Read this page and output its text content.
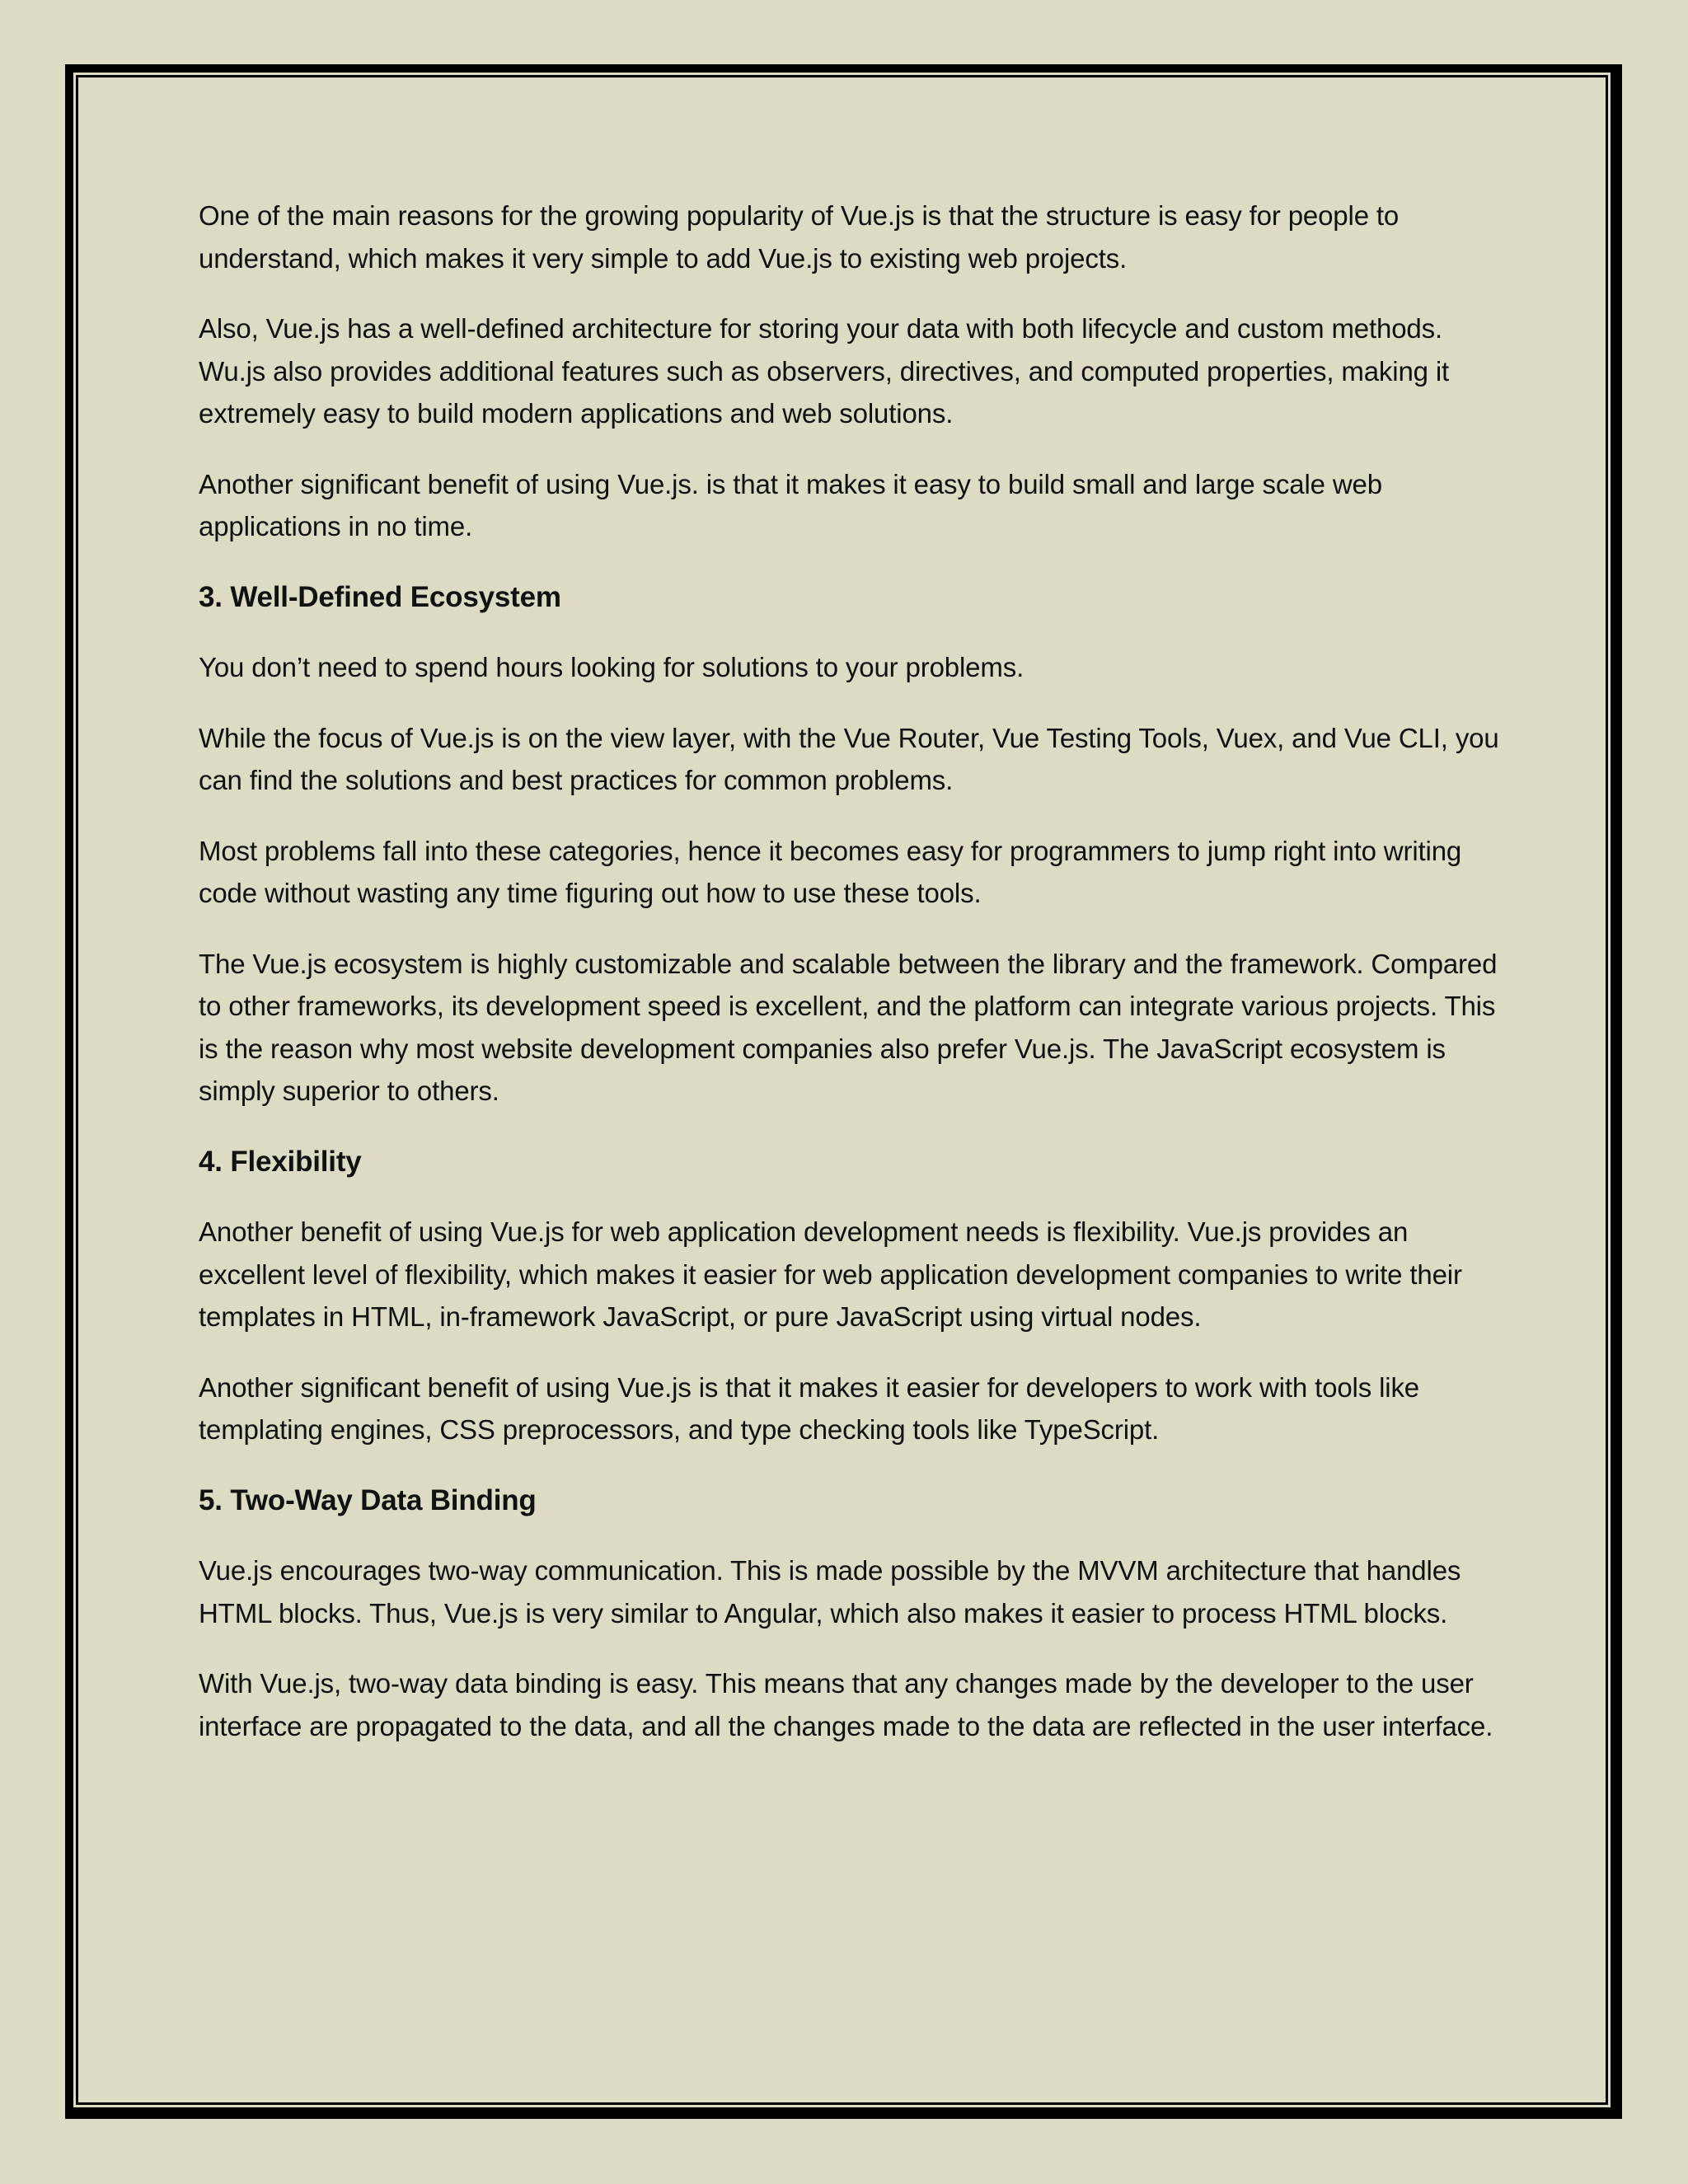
One of the main reasons for the growing popularity of Vue.js is that the structure is easy for people to understand, which makes it very simple to add Vue.js to existing web projects.

Also, Vue.js has a well-defined architecture for storing your data with both lifecycle and custom methods. Wu.js also provides additional features such as observers, directives, and computed properties, making it extremely easy to build modern applications and web solutions.

Another significant benefit of using Vue.js. is that it makes it easy to build small and large scale web applications in no time.

3. Well-Defined Ecosystem

You don’t need to spend hours looking for solutions to your problems.

While the focus of Vue.js is on the view layer, with the Vue Router, Vue Testing Tools, Vuex, and Vue CLI, you can find the solutions and best practices for common problems.

Most problems fall into these categories, hence it becomes easy for programmers to jump right into writing code without wasting any time figuring out how to use these tools.

The Vue.js ecosystem is highly customizable and scalable between the library and the framework. Compared to other frameworks, its development speed is excellent, and the platform can integrate various projects. This is the reason why most website development companies also prefer Vue.js. The JavaScript ecosystem is simply superior to others.

4. Flexibility

Another benefit of using Vue.js for web application development needs is flexibility. Vue.js provides an excellent level of flexibility, which makes it easier for web application development companies to write their templates in HTML, in-framework JavaScript, or pure JavaScript using virtual nodes.

Another significant benefit of using Vue.js is that it makes it easier for developers to work with tools like templating engines, CSS preprocessors, and type checking tools like TypeScript.

5. Two-Way Data Binding

Vue.js encourages two-way communication. This is made possible by the MVVM architecture that handles HTML blocks. Thus, Vue.js is very similar to Angular, which also makes it easier to process HTML blocks.

With Vue.js, two-way data binding is easy. This means that any changes made by the developer to the user interface are propagated to the data, and all the changes made to the data are reflected in the user interface.
